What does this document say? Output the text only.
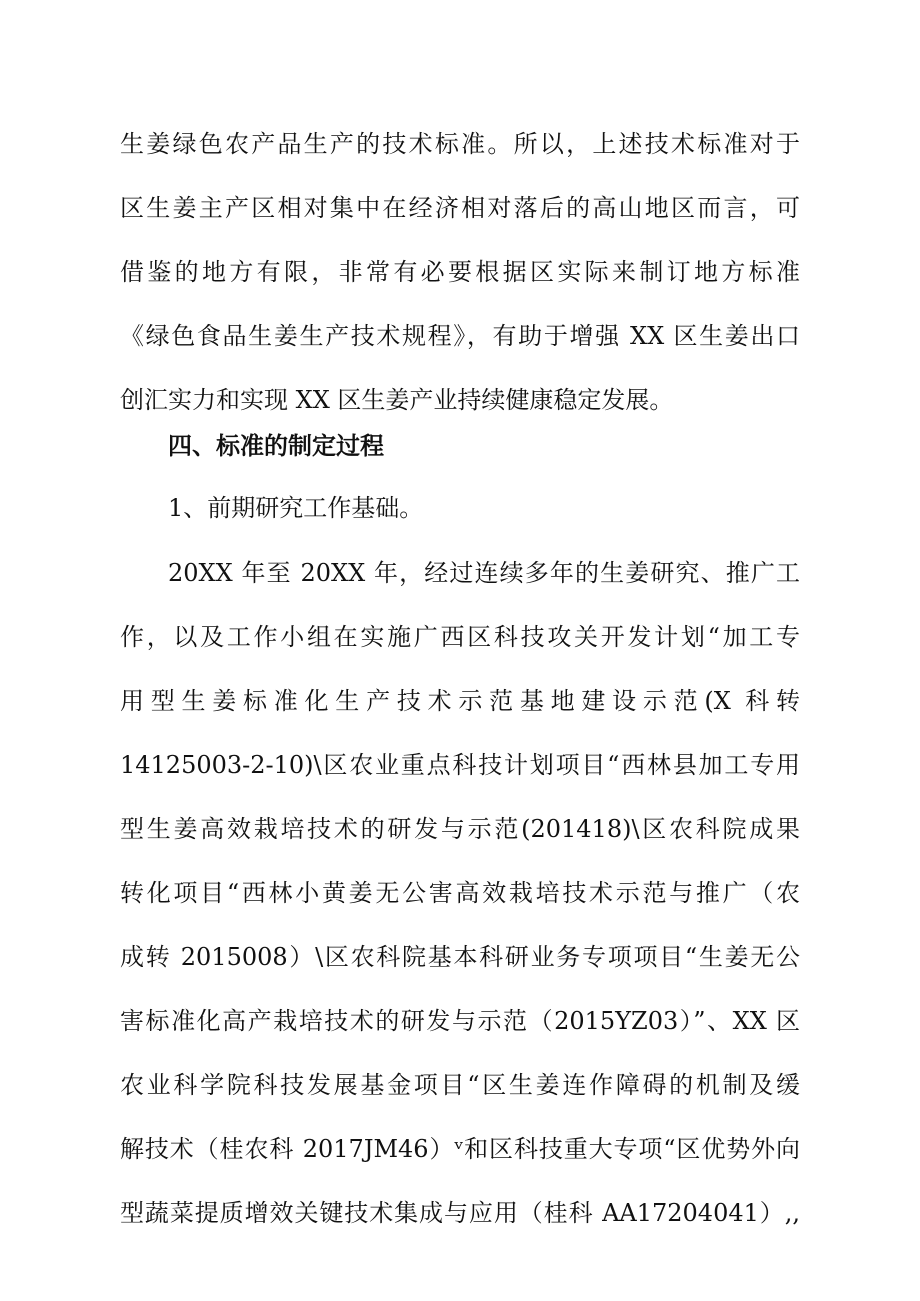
生姜绿色农产品生产的技术标准。所以，上述技术标准对于
区生姜主产区相对集中在经济相对落后的高山地区而言，可
借鉴的地方有限，非常有必要根据区实际来制订地方标准
《绿色食品生姜生产技术规程》，有助于增强 XX 区生姜出口
创汇实力和实现 XX 区生姜产业持续健康稳定发展。
四、标准的制定过程
1、前期研究工作基础。
20XX 年至 20XX 年，经过连续多年的生姜研究、推广工
作，以及工作小组在实施广西区科技攻关开发计划“加工专
用型生姜标准化生产技术示范基地建设示范(X 科转
14125003-2-10)\区农业重点科技计划项目“西林县加工专用
型生姜高效栽培技术的研发与示范(201418)\区农科院成果
转化项目“西林小黄姜无公害高效栽培技术示范与推广（农
成转 2015008）\区农科院基本科研业务专项项目“生姜无公
害标准化高产栽培技术的研发与示范（2015YZ03）”、XX 区
农业科学院科技发展基金项目“区生姜连作障碍的机制及缓
解技术（桂农科 2017JM46）ᵛ和区科技重大专项“区优势外向
型蔬菜提质增效关键技术集成与应用（桂科 AA17204041）,,
